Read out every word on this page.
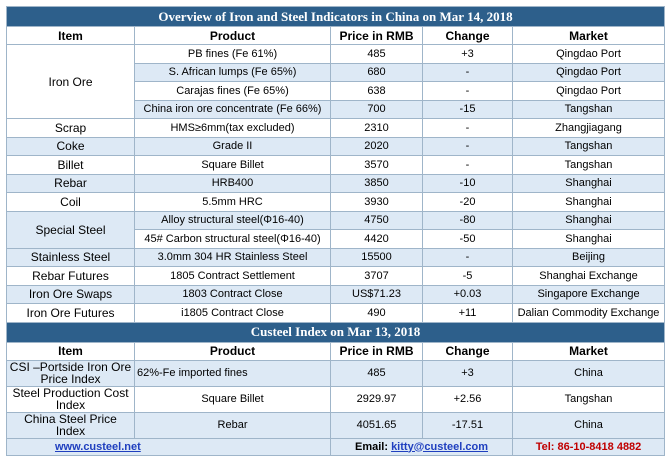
Overview of Iron and Steel Indicators in China on Mar 14, 2018				
Item	Product	Price in RMB	Change	Market
Iron Ore	PB fines (Fe 61%)	485	+3	Qingdao Port
	S. African lumps (Fe 65%)	680	-	Qingdao Port
	Carajas fines (Fe 65%)	638	-	Qingdao Port
	China iron ore concentrate (Fe 66%)	700	-15	Tangshan
Scrap	HMS≥6mm(tax excluded)	2310	-	Zhangjiagang
Coke	Grade II	2020	-	Tangshan
Billet	Square Billet	3570	-	Tangshan
Rebar	HRB400	3850	-10	Shanghai
Coil	5.5mm HRC	3930	-20	Shanghai
Special Steel	Alloy structural steel(Φ16-40)	4750	-80	Shanghai
	45# Carbon structural steel(Φ16-40)	4420	-50	Shanghai
Stainless Steel	3.0mm 304 HR Stainless Steel	15500	-	Beijing
Rebar Futures	1805 Contract Settlement	3707	-5	Shanghai Exchange
Iron Ore Swaps	1803 Contract Close	US$71.23	+0.03	Singapore Exchange
Iron Ore Futures	i1805 Contract Close	490	+11	Dalian Commodity Exchange
Custeel Index on Mar 13, 2018				
Item	Product	Price in RMB	Change	Market
CSI –Portside Iron Ore Price Index	62%-Fe imported fines	485	+3	China
Steel Production Cost Index	Square Billet	2929.97	+2.56	Tangshan
China Steel Price Index	Rebar	4051.65	-17.51	China
www.custeel.net		Email: kitty@custeel.com		Tel: 86-10-8418 4882
